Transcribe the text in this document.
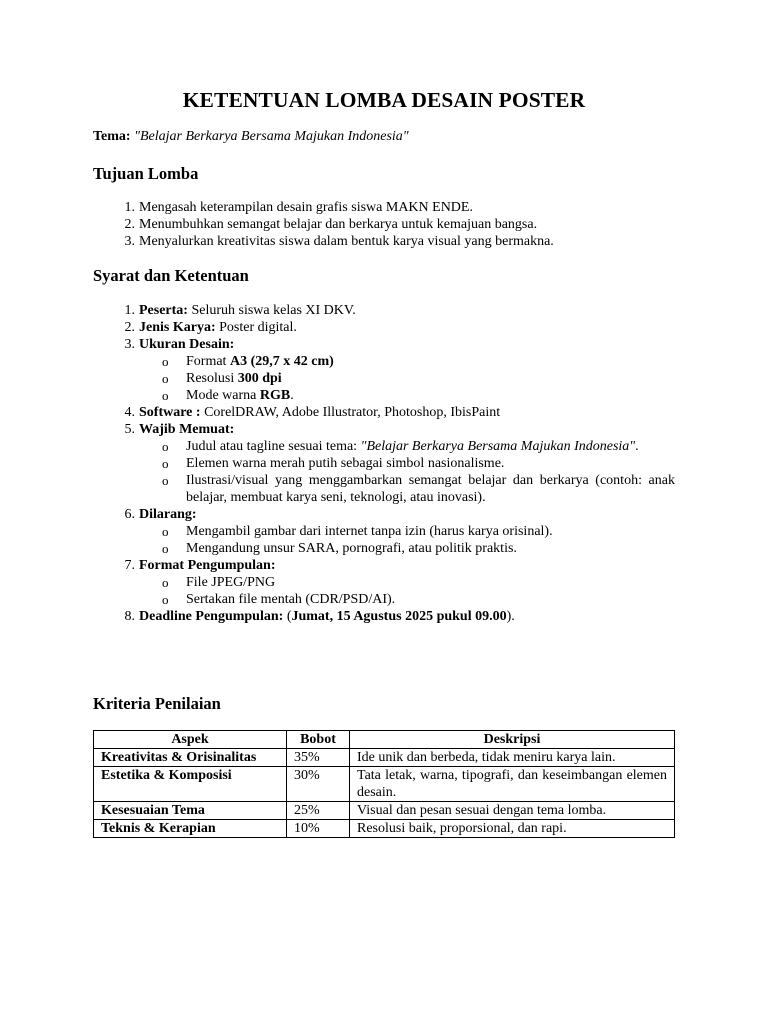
KETENTUAN LOMBA DESAIN POSTER
Tema: "Belajar Berkarya Bersama Majukan Indonesia"
Tujuan Lomba
1. Mengasah keterampilan desain grafis siswa MAKN ENDE.
2. Menumbuhkan semangat belajar dan berkarya untuk kemajuan bangsa.
3. Menyalurkan kreativitas siswa dalam bentuk karya visual yang bermakna.
Syarat dan Ketentuan
1. Peserta: Seluruh siswa kelas XI DKV.
2. Jenis Karya: Poster digital.
3. Ukuran Desain:
o Format A3 (29,7 x 42 cm)
o Resolusi 300 dpi
o Mode warna RGB.
4. Software : CorelDRAW, Adobe Illustrator, Photoshop, IbisPaint
5. Wajib Memuat:
o Judul atau tagline sesuai tema: "Belajar Berkarya Bersama Majukan Indonesia".
o Elemen warna merah putih sebagai simbol nasionalisme.
o Ilustrasi/visual yang menggambarkan semangat belajar dan berkarya (contoh: anak belajar, membuat karya seni, teknologi, atau inovasi).
6. Dilarang:
o Mengambil gambar dari internet tanpa izin (harus karya orisinal).
o Mengandung unsur SARA, pornografi, atau politik praktis.
7. Format Pengumpulan:
o File JPEG/PNG
o Sertakan file mentah (CDR/PSD/AI).
8. Deadline Pengumpulan: (Jumat, 15 Agustus 2025 pukul 09.00).
Kriteria Penilaian
Aspek	Bobot	Deskripsi
Kreativitas & Orisinalitas	35%	Ide unik dan berbeda, tidak meniru karya lain.
Estetika & Komposisi	30%	Tata letak, warna, tipografi, dan keseimbangan elemen desain.
Kesesuaian Tema	25%	Visual dan pesan sesuai dengan tema lomba.
Teknis & Kerapian	10%	Resolusi baik, proporsional, dan rapi.
